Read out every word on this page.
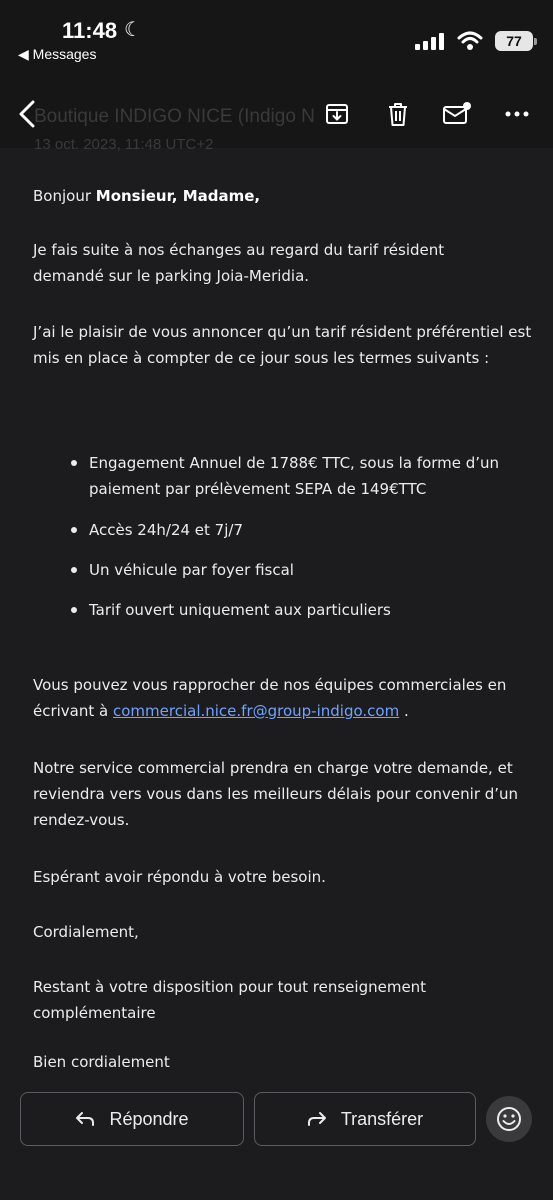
11:48 ☾
◀ Messages
77
Boutique INDIGO NICE (Indigo N
13 oct. 2023, 11:48 UTC+2

Bonjour Monsieur, Madame,

Je fais suite à nos échanges au regard du tarif résident demandé sur le parking Joia-Meridia.

J’ai le plaisir de vous annoncer qu’un tarif résident préférentiel est mis en place à compter de ce jour sous les termes suivants :

Engagement Annuel de 1788€ TTC, sous la forme d’un paiement par prélèvement SEPA de 149€TTC
Accès 24h/24 et 7j/7
Un véhicule par foyer fiscal
Tarif ouvert uniquement aux particuliers

Vous pouvez vous rapprocher de nos équipes commerciales en écrivant à commercial.nice.fr@group-indigo.com .

Notre service commercial prendra en charge votre demande, et reviendra vers vous dans les meilleurs délais pour convenir d’un rendez-vous.

Espérant avoir répondu à votre besoin.

Cordialement,

Restant à votre disposition pour tout renseignement complémentaire

Bien cordialement

Répondre	Transférer
